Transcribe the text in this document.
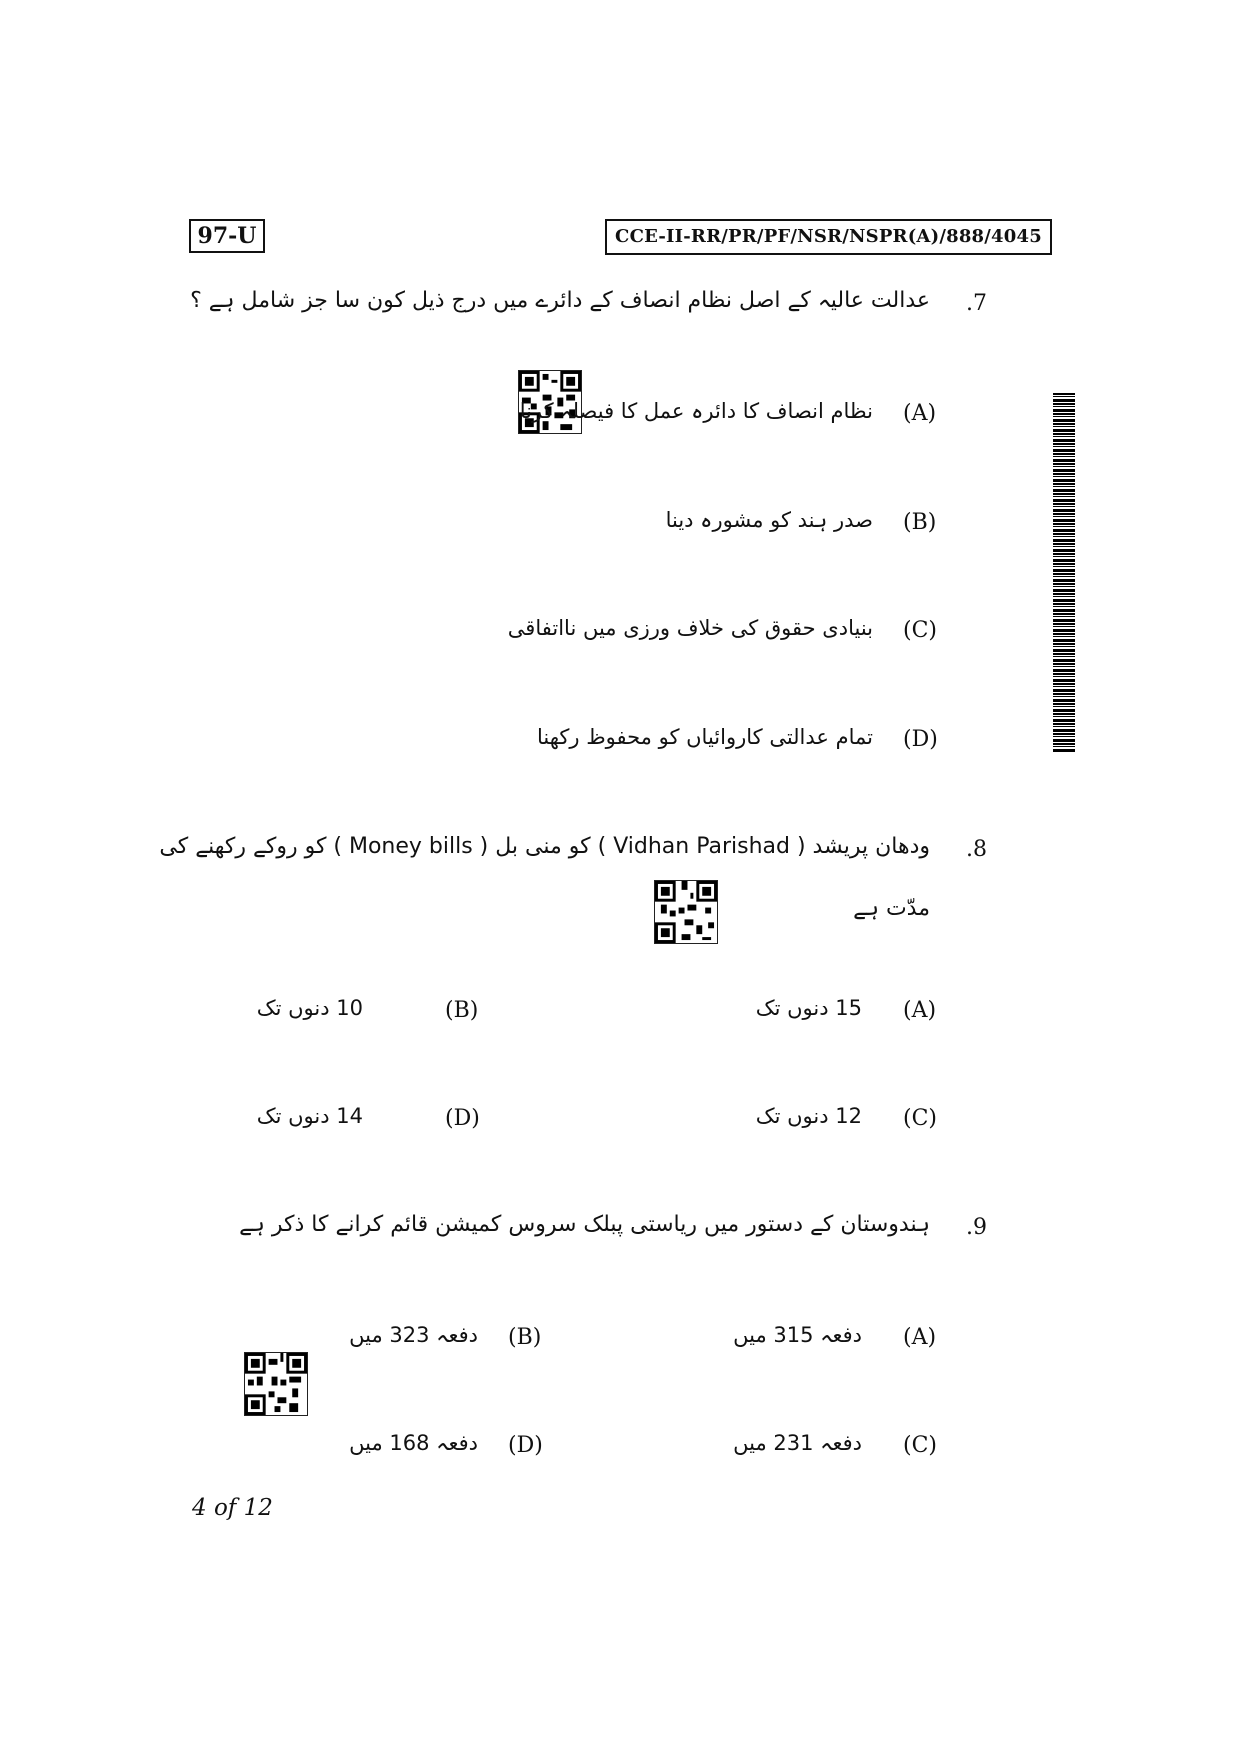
97-U	CCE-II-RR/PR/PF/NSR/NSPR(A)/888/4045
.7
عدالت عالیہ کے اصل نظام انصاف کے دائرے میں درج ذیل کون سا جز شامل ہے ؟
(A)
نظام انصاف کا دائرہ عمل کا فیصلہ کرنا
(B)
صدر ہند کو مشورہ دینا
(C)
بنیادی حقوق کی خلاف ورزی میں نااتفاقی
(D)
تمام عدالتی کاروائیاں کو محفوظ رکھنا
.8
ودھان پریشد ( Vidhan Parishad ) کو منی بل ( Money bills ) کو روکے رکھنے کی
مدّت ہے
(A)
15 دنوں تک
(B)
10 دنوں تک
(C)
12 دنوں تک
(D)
14 دنوں تک
.9
ہندوستان کے دستور میں ریاستی پبلک سروس کمیشن قائم کرانے کا ذکر ہے
(A)
دفعہ 315 میں
(B)
دفعہ 323 میں
(C)
دفعہ 231 میں
(D)
دفعہ 168 میں
4 of 12
